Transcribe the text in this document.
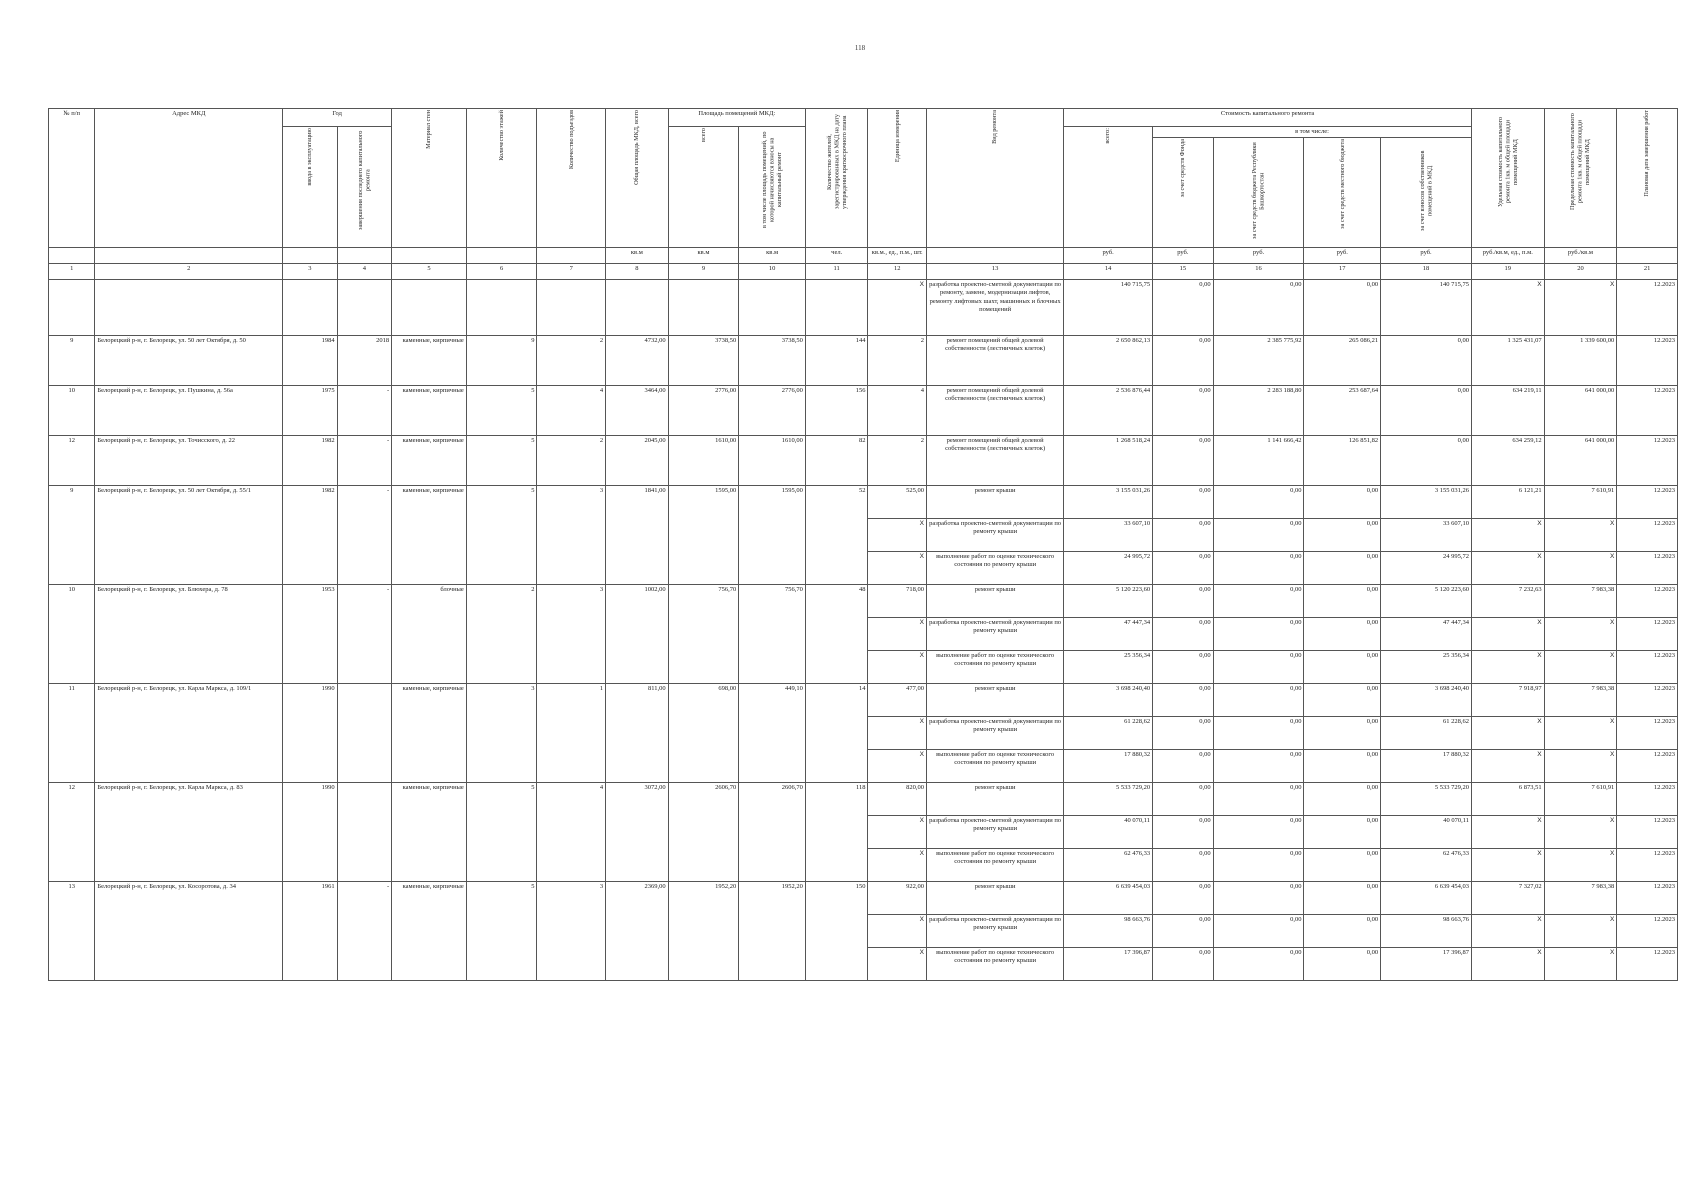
118
№ п/п	Адрес МКД	Год		Материал стен	Количество этажей	Количество подъездов	Общая площадь МКД, всего	Площадь помещений МКД:		Количество жителей, зарегистрированных в МКД на дату утверждения краткосрочного плана	Единица измерения	Вид ремонта	Стоимость капитального ремонта					Удельная стоимость капитального ремонта 1кв. м общей площади помещений МКД	Предельная стоимость капитального ремонта 1кв. м общей площади помещений МКД	Плановая дата завершения работ
		ввода в эксплуатацию	завершения последнего капитального ремонта					всего	в том числе площадь помещений, по которой начисляются взносы на капитальный ремонт				всего:	в том числе:						
														за счет средств Фонда	за счет средств бюджета Республики Башкортостан	за счет средств местного бюджета	за счет взносов собственников помещений в МКД			
							кв.м	кв.м	кв.м	чел.	кв.м., ед., п.м., шт.		руб.	руб.	руб.	руб.	руб.	руб./кв.м, ед., п.м.	руб./кв.м	
1	2	3	4	5	6	7	8	9	10	11	12	13	14	15	16	17	18	19	20	21
											X	разработка проектно-сметной документации по ремонту, замене, модернизации лифтов, ремонту лифтовых шахт, машинных и блочных помещений	140 715,75	0,00	0,00	0,00	140 715,75	X	X	12.2023
9	Белорецкий р-н, г. Белорецк, ул. 50 лет Октября, д. 50	1984	2018	каменные, кирпичные	9	2	4732,00	3738,50	3738,50	144	2	ремонт помещений общей долевой собственности (лестничных клеток)	2 650 862,13	0,00	2 385 775,92	265 086,21	0,00	1 325 431,07	1 339 600,00	12.2023
10	Белорецкий р-н, г. Белорецк, ул. Пушкина, д. 56а	1975	-	каменные, кирпичные	5	4	3464,00	2776,00	2776,00	156	4	ремонт помещений общей долевой собственности (лестничных клеток)	2 536 876,44	0,00	2 283 188,80	253 687,64	0,00	634 219,11	641 000,00	12.2023
12	Белорецкий р-н, г. Белорецк, ул. Точисского, д. 22	1982	-	каменные, кирпичные	5	2	2045,00	1610,00	1610,00	82	2	ремонт помещений общей долевой собственности (лестничных клеток)	1 268 518,24	0,00	1 141 666,42	126 851,82	0,00	634 259,12	641 000,00	12.2023
9	Белорецкий р-н, г. Белорецк, ул. 50 лет Октября, д. 55/1	1982	-	каменные, кирпичные	5	3	1841,00	1595,00	1595,00	52	525,00	ремонт крыши	3 155 031,26	0,00	0,00	0,00	3 155 031,26	6 121,21	7 610,91	12.2023
											X	разработка проектно-сметной документации по ремонту крыши	33 607,10	0,00	0,00	0,00	33 607,10	X	X	12.2023
											X	выполнение работ по оценке технического состояния по ремонту крыши	24 995,72	0,00	0,00	0,00	24 995,72	X	X	12.2023
10	Белорецкий р-н, г. Белорецк, ул. Блюхера, д. 78	1953	-	блочные	2	3	1002,00	756,70	756,70	48	718,00	ремонт крыши	5 120 223,60	0,00	0,00	0,00	5 120 223,60	7 232,63	7 983,38	12.2023
											X	разработка проектно-сметной документации по ремонту крыши	47 447,34	0,00	0,00	0,00	47 447,34	X	X	12.2023
											X	выполнение работ по оценке технического состояния по ремонту крыши	25 356,34	0,00	0,00	0,00	25 356,34	X	X	12.2023
11	Белорецкий р-н, г. Белорецк, ул. Карла Маркса, д. 109/1	1990		каменные, кирпичные	3	1	811,00	698,00	449,10	14	477,00	ремонт крыши	3 698 240,40	0,00	0,00	0,00	3 698 240,40	7 918,97	7 983,38	12.2023
											X	разработка проектно-сметной документации по ремонту крыши	61 228,62	0,00	0,00	0,00	61 228,62	X	X	12.2023
											X	выполнение работ по оценке технического состояния по ремонту крыши	17 880,32	0,00	0,00	0,00	17 880,32	X	X	12.2023
12	Белорецкий р-н, г. Белорецк, ул. Карла Маркса, д. 83	1990		каменные, кирпичные	5	4	3072,00	2606,70	2606,70	118	820,00	ремонт крыши	5 533 729,20	0,00	0,00	0,00	5 533 729,20	6 873,51	7 610,91	12.2023
											X	разработка проектно-сметной документации по ремонту крыши	40 070,11	0,00	0,00	0,00	40 070,11	X	X	12.2023
											X	выполнение работ по оценке технического состояния по ремонту крыши	62 476,33	0,00	0,00	0,00	62 476,33	X	X	12.2023
13	Белорецкий р-н, г. Белорецк, ул. Косоротова, д. 34	1961	-	каменные, кирпичные	5	3	2369,00	1952,20	1952,20	150	922,00	ремонт крыши	6 639 454,03	0,00	0,00	0,00	6 639 454,03	7 327,02	7 983,38	12.2023
											X	разработка проектно-сметной документации по ремонту крыши	98 663,76	0,00	0,00	0,00	98 663,76	X	X	12.2023
											X	выполнение работ по оценке технического состояния по ремонту крыши	17 396,87	0,00	0,00	0,00	17 396,87	X	X	12.2023
